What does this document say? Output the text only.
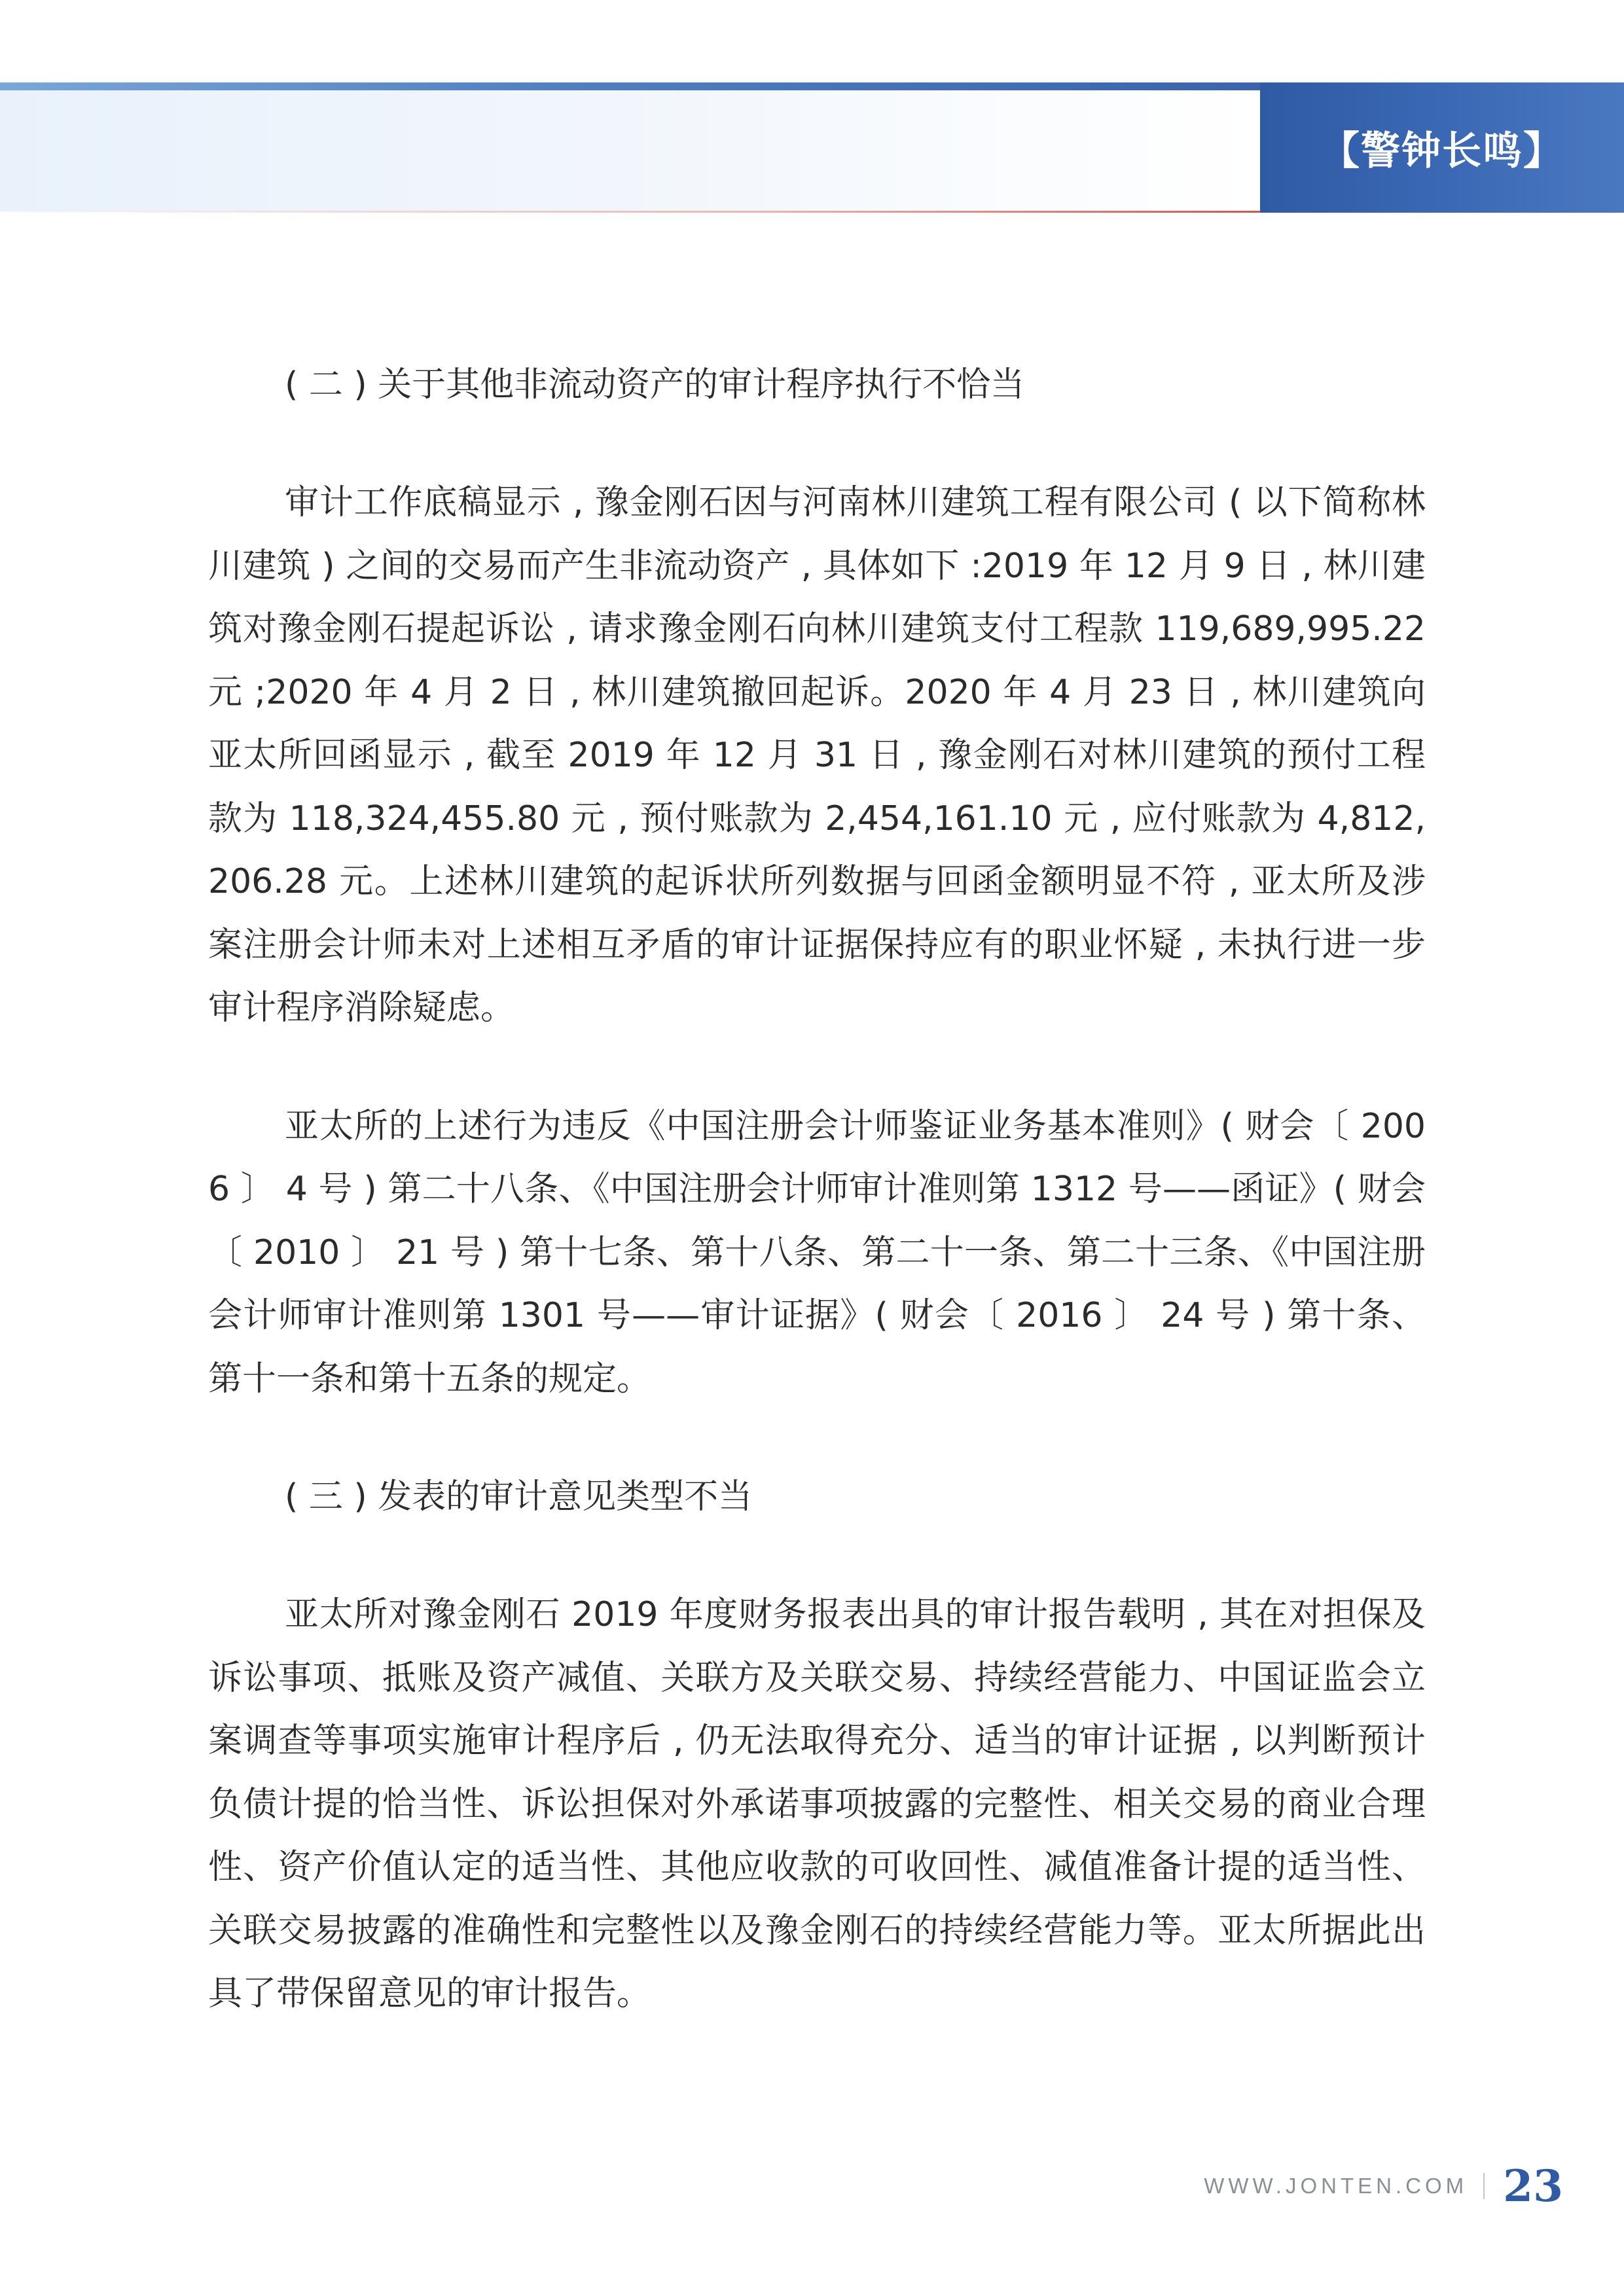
【警钟长鸣】

( 二 ) 关于其他非流动资产的审计程序执行不恰当

审计工作底稿显示 , 豫金刚石因与河南林川建筑工程有限公司 ( 以下简称林川建筑 ) 之间的交易而产生非流动资产 , 具体如下 :2019 年 12 月 9 日 , 林川建筑对豫金刚石提起诉讼 , 请求豫金刚石向林川建筑支付工程款 119,689,995.22 元 ;2020 年 4 月 2 日 , 林川建筑撤回起诉。2020 年 4 月 23 日 , 林川建筑向亚太所回函显示 , 截至 2019 年 12 月 31 日 , 豫金刚石对林川建筑的预付工程款为 118,324,455.80 元 , 预付账款为 2,454,161.10 元 , 应付账款为 4,812,206.28 元。上述林川建筑的起诉状所列数据与回函金额明显不符 , 亚太所及涉案注册会计师未对上述相互矛盾的审计证据保持应有的职业怀疑 , 未执行进一步审计程序消除疑虑。

亚太所的上述行为违反《中国注册会计师鉴证业务基本准则》( 财会〔 2006 〕 4 号 ) 第二十八条、《中国注册会计师审计准则第 1312 号——函证》( 财会〔 2010 〕 21 号 ) 第十七条、第十八条、第二十一条、第二十三条、《中国注册会计师审计准则第 1301 号——审计证据》( 财会〔 2016 〕 24 号 ) 第十条、第十一条和第十五条的规定。

( 三 ) 发表的审计意见类型不当

亚太所对豫金刚石 2019 年度财务报表出具的审计报告载明 , 其在对担保及诉讼事项、抵账及资产减值、关联方及关联交易、持续经营能力、中国证监会立案调查等事项实施审计程序后 , 仍无法取得充分、适当的审计证据 , 以判断预计负债计提的恰当性、诉讼担保对外承诺事项披露的完整性、相关交易的商业合理性、资产价值认定的适当性、其他应收款的可收回性、减值准备计提的适当性、关联交易披露的准确性和完整性以及豫金刚石的持续经营能力等。亚太所据此出具了带保留意见的审计报告。

WWW.JONTEN.COM 23
